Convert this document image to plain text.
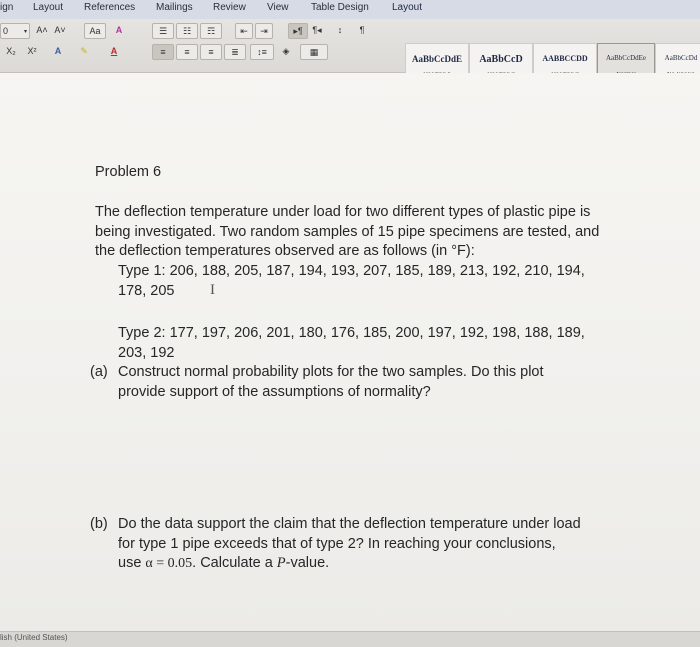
ign Layout References Mailings Review View Table Design Layout
0	▾ A˄ A˅	Aa	A	☰ ☷ ☶	⇤ ⇥	▸¶ ¶◂ ↕ ¶
X₂	X²	A	✎	A	≡ ≡ ≡ ≣ ↕≡ ◈ ▦
AaBbCcDdE	AaBbCcD	AABBCCDD	AaBbCcDdEe	AaBbCcDd
Problem 6
The deflection temperature under load for two different types of plastic pipe is
being investigated. Two random samples of 15 pipe specimens are tested, and
the deflection temperatures observed are as follows (in °F):
Type 1: 206, 188, 205, 187, 194, 193, 207, 185, 189, 213, 192, 210, 194,
178, 205 I
Type 2: 177, 197, 206, 201, 180, 176, 185, 200, 197, 192, 198, 188, 189,
203, 192
(a) Construct normal probability plots for the two samples. Do this plot
provide support of the assumptions of normality?
(b) Do the data support the claim that the deflection temperature under load
for type 1 pipe exceeds that of type 2? In reaching your conclusions,
use α = 0.05. Calculate a P-value.
lish (United States)
